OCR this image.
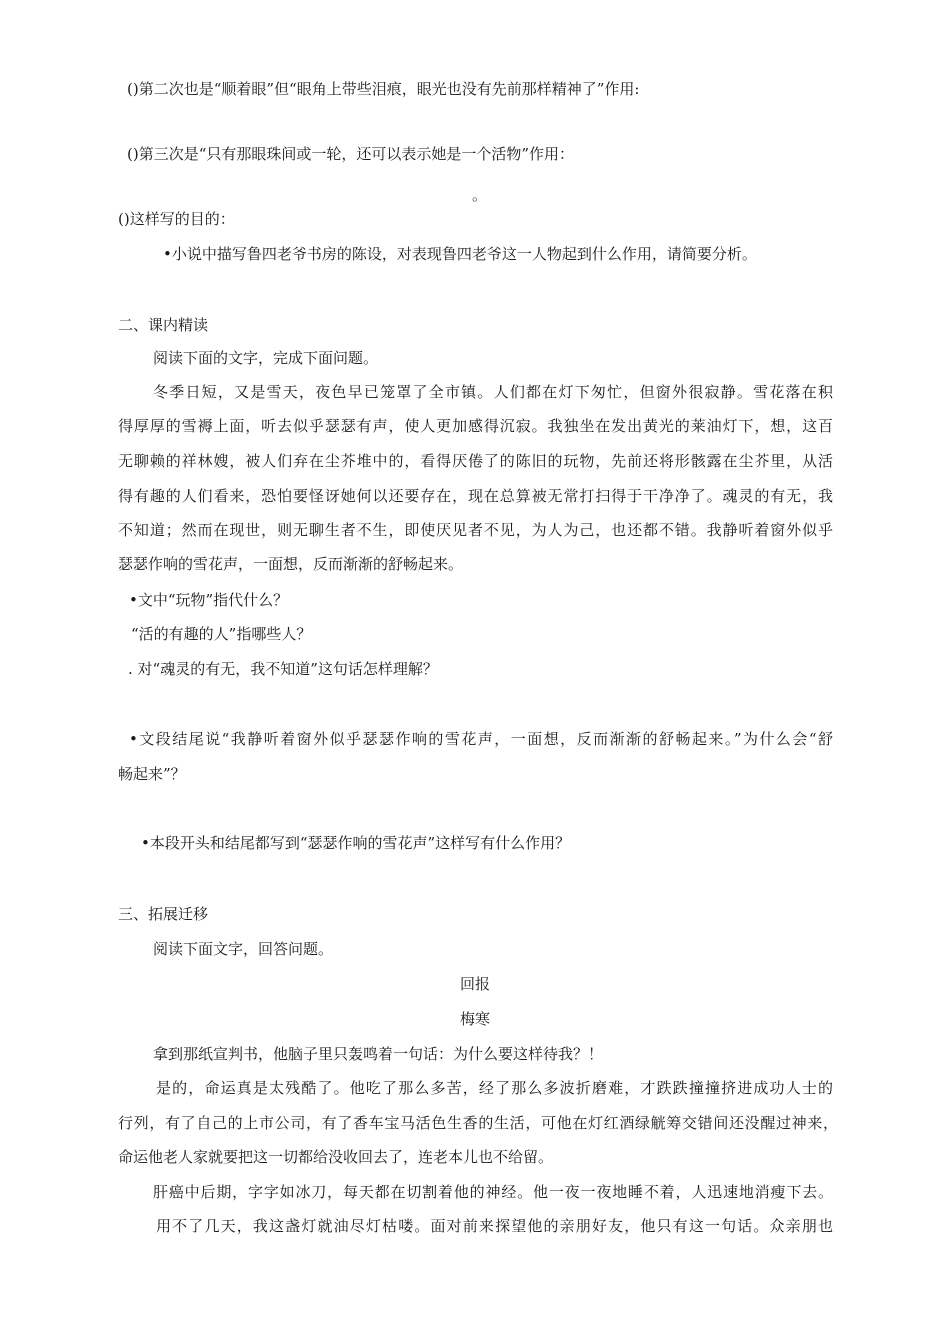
()第二次也是“顺着眼”但“眼角上带些泪痕，眼光也没有先前那样精神了”作用:
()第三次是“只有那眼珠间或一轮，还可以表示她是一个活物”作用：
。
()这样写的目的：
•小说中描写鲁四老爷书房的陈设，对表现鲁四老爷这一人物起到什么作用，请简要分析。
二、课内精读
阅读下面的文字，完成下面问题。
冬季日短，又是雪天，夜色早已笼罩了全市镇。人们都在灯下匆忙，但窗外很寂静。雪花落在积
得厚厚的雪褥上面，听去似乎瑟瑟有声，使人更加感得沉寂。我独坐在发出黄光的莱油灯下，想，这百
无聊赖的祥林嫂，被人们弃在尘芥堆中的，看得厌倦了的陈旧的玩物，先前还将形骸露在尘芥里，从活
得有趣的人们看来，恐怕要怪讶她何以还要存在，现在总算被无常打扫得于干净净了。魂灵的有无，我
不知道；然而在现世，则无聊生者不生，即使厌见者不见，为人为己，也还都不错。我静听着窗外似乎
瑟瑟作响的雪花声，一面想，反而渐渐的舒畅起来。
•文中“玩物”指代什么？
“活的有趣的人”指哪些人？
. 对“魂灵的有无，我不知道”这句话怎样理解？
•文段结尾说“我静听着窗外似乎瑟瑟作响的雪花声，一面想，反而渐渐的舒畅起来。”为什么会“舒
畅起来”？
•本段开头和结尾都写到“瑟瑟作响的雪花声”这样写有什么作用？
三、拓展迁移
阅读下面文字，回答问题。
回报
梅寒
拿到那纸宣判书，他脑子里只轰鸣着一句话：为什么要这样待我？！
是的，命运真是太残酷了。他吃了那么多苦，经了那么多波折磨难，才跌跌撞撞挤进成功人士的
行列，有了自己的上市公司，有了香车宝马活色生香的生活，可他在灯红酒绿觥筹交错间还没醒过神来，
命运他老人家就要把这一切都给没收回去了，连老本儿也不给留。
肝癌中后期，字字如冰刀，每天都在切割着他的神经。他一夜一夜地睡不着，人迅速地消瘦下去。
用不了几天，我这盏灯就油尽灯枯喽。面对前来探望他的亲朋好友，他只有这一句话。众亲朋也
